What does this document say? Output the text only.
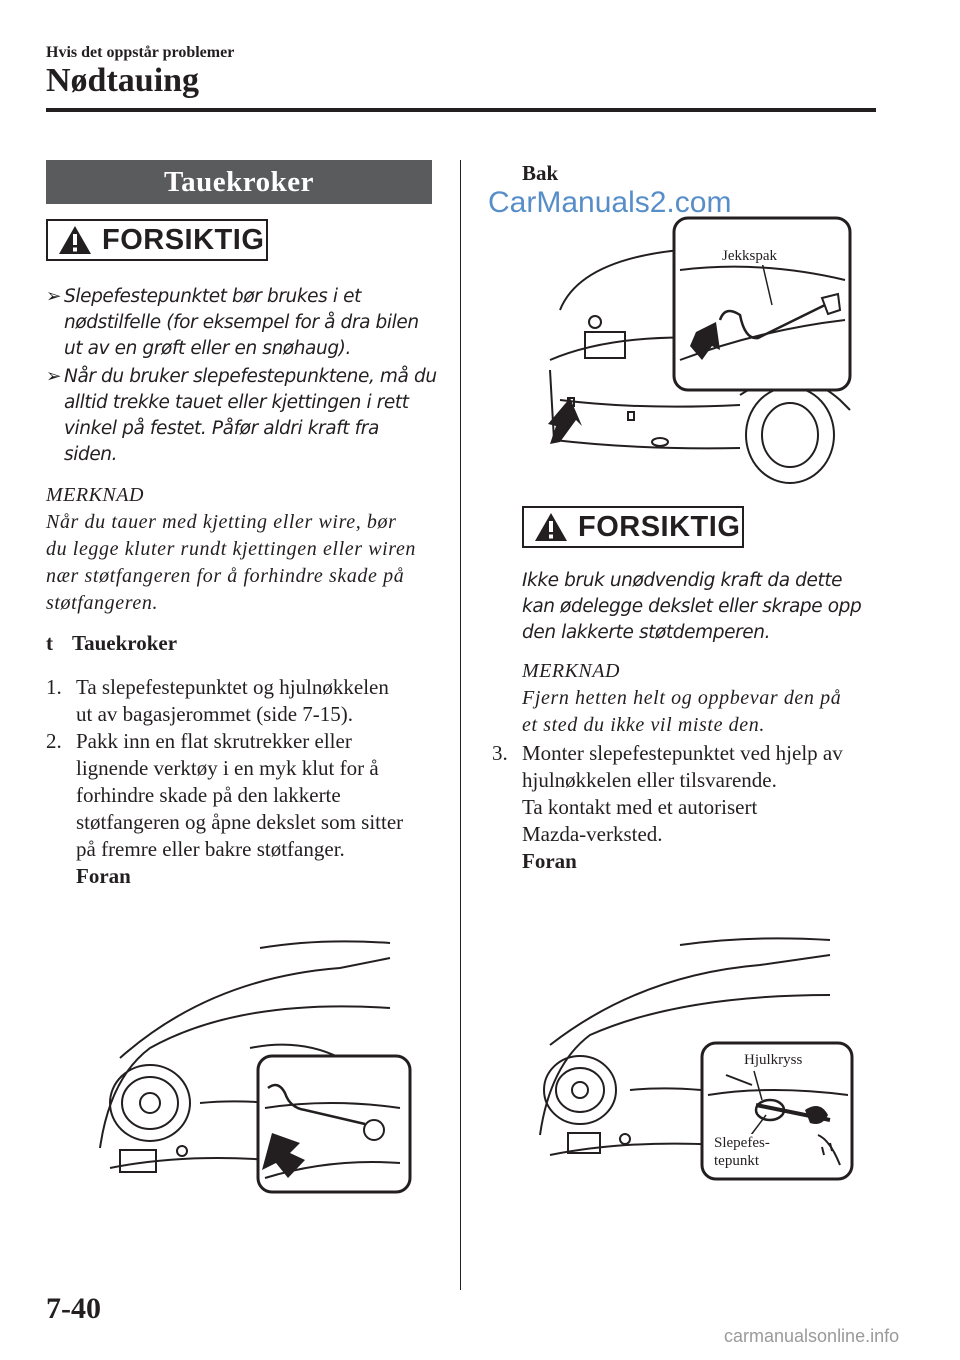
Hvis det oppstår problemer
Nødtauing
Tauekroker
FORSIKTIG
➢ Slepefestepunktet bør brukes i et
nødstilfelle (for eksempel for å dra bilen
ut av en grøft eller en snøhaug).
➢ Når du bruker slepefestepunktene, må du
alltid trekke tauet eller kjettingen i rett
vinkel på festet. Påfør aldri kraft fra
siden.
MERKNAD
Når du tauer med kjetting eller wire, bør
du legge kluter rundt kjettingen eller wiren
nær støtfangeren for å forhindre skade på
støtfangeren.
t Tauekroker
1. Ta slepefestepunktet og hjulnøkkelen
ut av bagasjerommet (side 7-15).
2. Pakk inn en flat skrutrekker eller
lignende verktøy i en myk klut for å
forhindre skade på den lakkerte
støtfangeren og åpne dekslet som sitter
på fremre eller bakre støtfanger.
Foran
Bak
Jekkspak
FORSIKTIG
Ikke bruk unødvendig kraft da dette
kan ødelegge dekslet eller skrape opp
den lakkerte støtdemperen.
MERKNAD
Fjern hetten helt og oppbevar den på
et sted du ikke vil miste den.
3. Monter slepefestepunktet ved hjelp av
hjulnøkkelen eller tilsvarende.
Ta kontakt med et autorisert
Mazda-verksted.
Foran
Hjulkryss
Slepefes-
tepunkt
7-40
CarManuals2.com
carmanualsonline.info
